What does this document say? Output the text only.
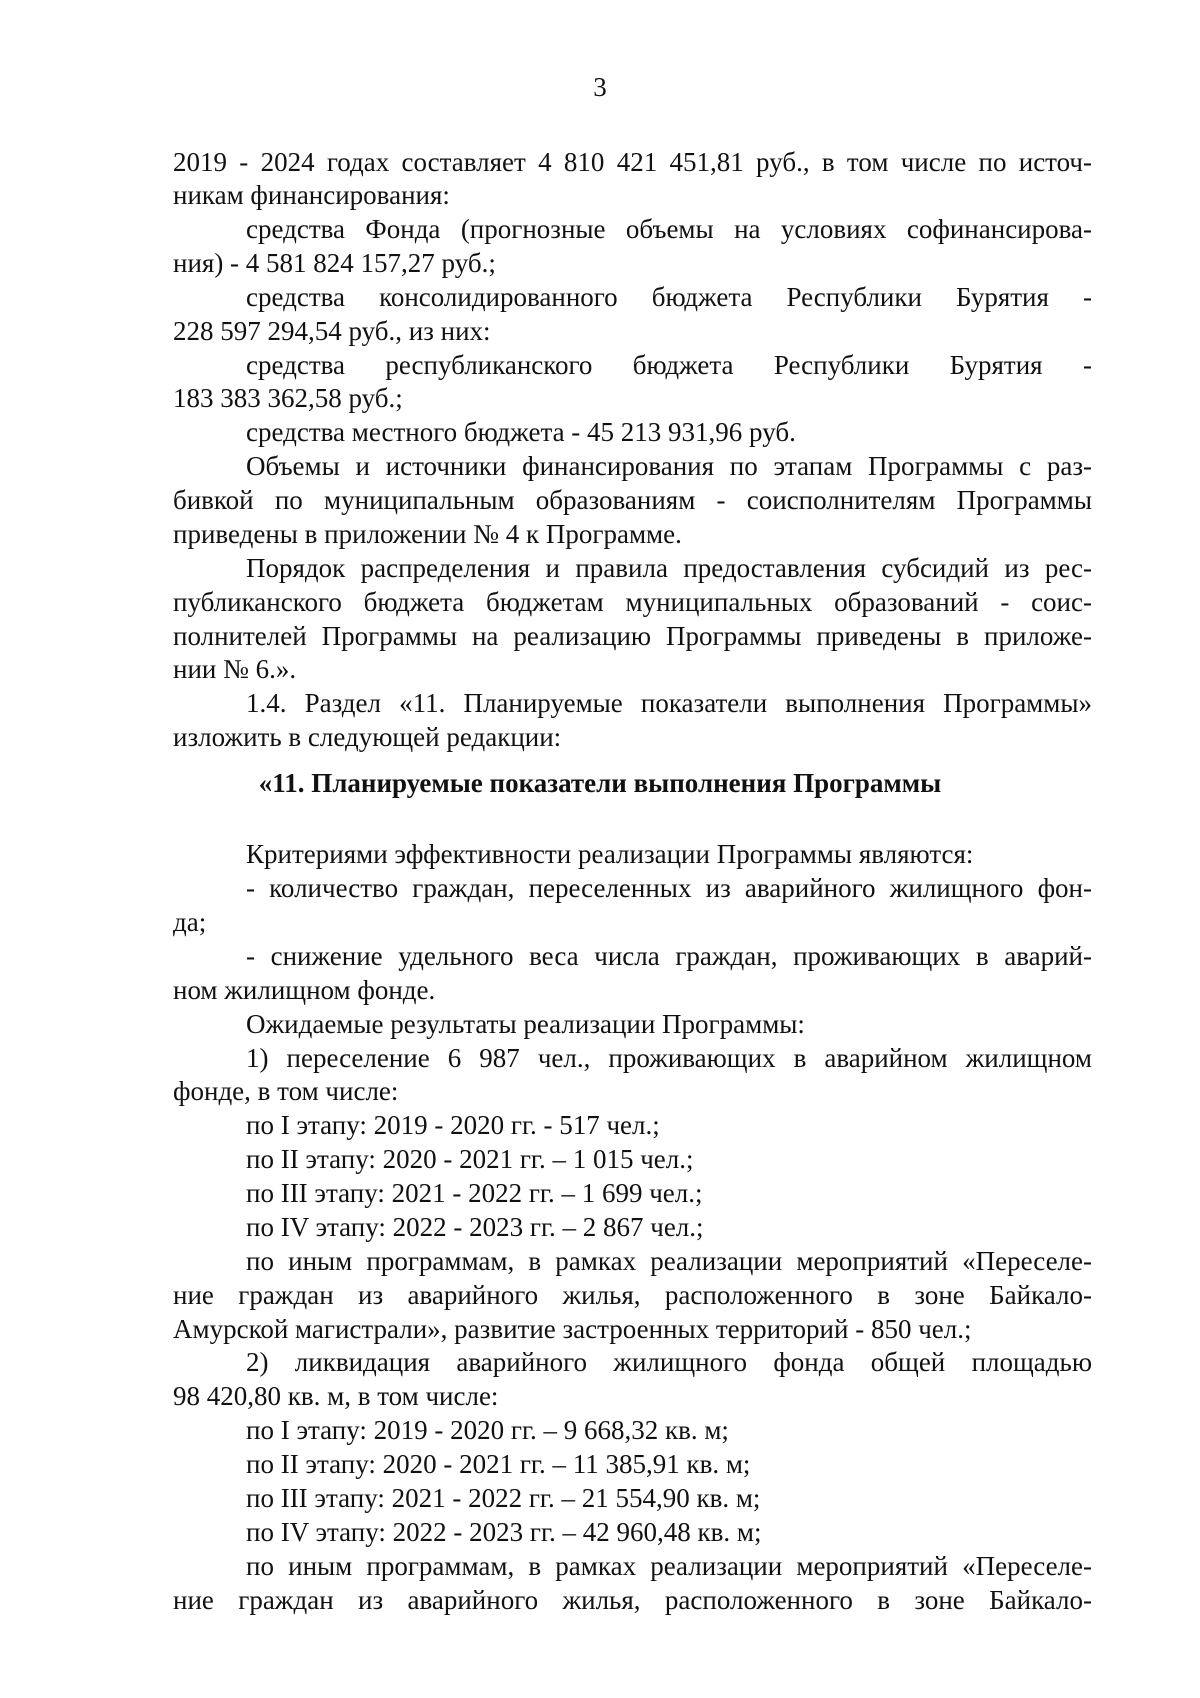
3
2019 - 2024 годах составляет 4 810 421 451,81 руб., в том числе по источ-
никам финансирования:
средства Фонда (прогнозные объемы на условиях софинансирова-
ния) - 4 581 824 157,27 руб.;
средства консолидированного бюджета Республики Бурятия -
228 597 294,54 руб., из них:
средства республиканского бюджета Республики Бурятия -
183 383 362,58 руб.;
средства местного бюджета - 45 213 931,96 руб.
Объемы и источники финансирования по этапам Программы с раз-
бивкой по муниципальным образованиям - соисполнителям Программы
приведены в приложении № 4 к Программе.
Порядок распределения и правила предоставления субсидий из рес-
публиканского бюджета бюджетам муниципальных образований - соис-
полнителей Программы на реализацию Программы приведены в приложе-
нии № 6.».
1.4. Раздел «11. Планируемые показатели выполнения Программы»
изложить в следующей редакции:
«11. Планируемые показатели выполнения Программы
Критериями эффективности реализации Программы являются:
- количество граждан, переселенных из аварийного жилищного фон-
да;
- снижение удельного веса числа граждан, проживающих в аварий-
ном жилищном фонде.
Ожидаемые результаты реализации Программы:
1) переселение 6 987 чел., проживающих в аварийном жилищном
фонде, в том числе:
по I этапу: 2019 - 2020 гг. - 517 чел.;
по II этапу: 2020 - 2021 гг. – 1 015 чел.;
по III этапу: 2021 - 2022 гг. – 1 699 чел.;
по IV этапу: 2022 - 2023 гг. – 2 867 чел.;
по иным программам, в рамках реализации мероприятий «Переселе-
ние граждан из аварийного жилья, расположенного в зоне Байкало-
Амурской магистрали», развитие застроенных территорий - 850 чел.;
2) ликвидация аварийного жилищного фонда общей площадью
98 420,80 кв. м, в том числе:
по I этапу: 2019 - 2020 гг. – 9 668,32 кв. м;
по II этапу: 2020 - 2021 гг. – 11 385,91 кв. м;
по III этапу: 2021 - 2022 гг. – 21 554,90 кв. м;
по IV этапу: 2022 - 2023 гг. – 42 960,48 кв. м;
по иным программам, в рамках реализации мероприятий «Переселе-
ние граждан из аварийного жилья, расположенного в зоне Байкало-
